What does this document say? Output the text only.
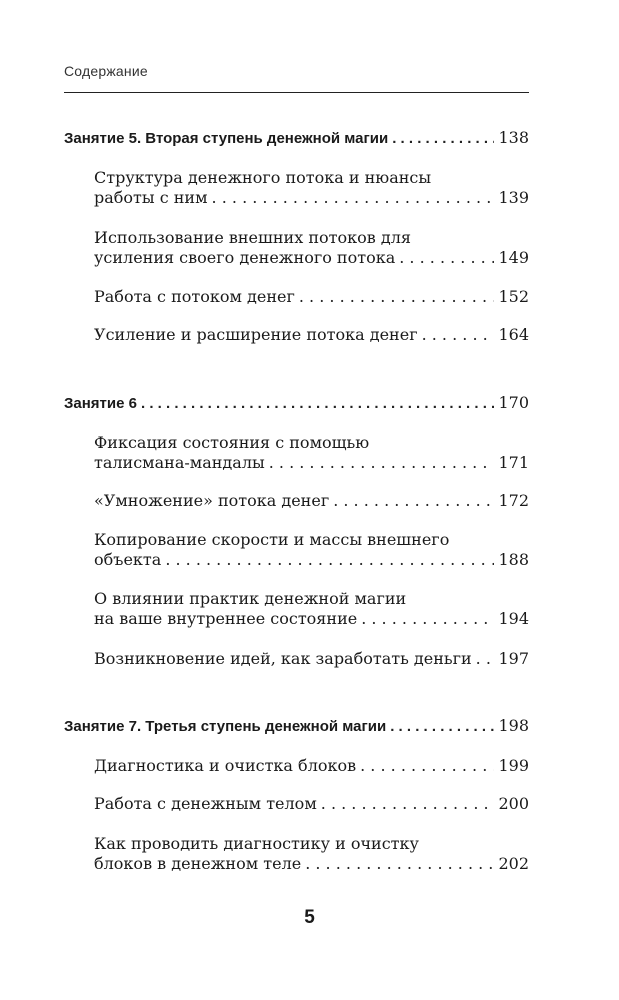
Содержание
Занятие 5. Вторая ступень денежной магии . . .	138
Структура денежного потока и нюансы
работы с ним . . .	139
Использование внешних потоков для
усиления своего денежного потока . . .	149
Работа с потоком денег . . .	152
Усиление и расширение потока денег . . .	164
Занятие 6 . . .	170
Фиксация состояния с помощью
талисмана-мандалы . . .	171
«Умножение» потока денег . . .	172
Копирование скорости и массы внешнего
объекта . . .	188
О влиянии практик денежной магии
на ваше внутреннее состояние . . .	194
Возникновение идей, как заработать деньги . . . 197
Занятие 7. Третья ступень денежной магии . . .	198
Диагностика и очистка блоков . . .	199
Работа с денежным телом . . .	200
Как проводить диагностику и очистку
блоков в денежном теле . . .	202
5
